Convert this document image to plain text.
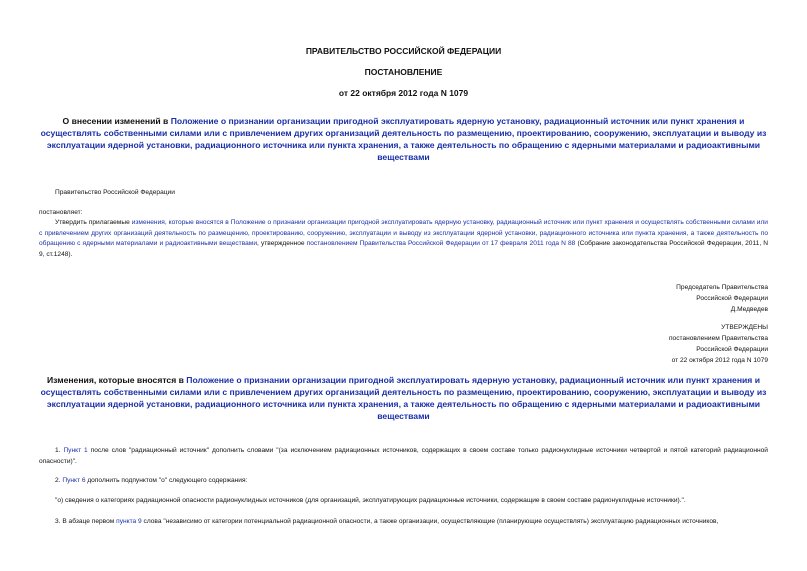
ПРАВИТЕЛЬСТВО РОССИЙСКОЙ ФЕДЕРАЦИИ
ПОСТАНОВЛЕНИЕ
от 22 октября 2012 года N 1079
О внесении изменений в Положение о признании организации пригодной эксплуатировать ядерную установку, радиационный источник или пункт хранения и осуществлять собственными силами или с привлечением других организаций деятельность по размещению, проектированию, сооружению, эксплуатации и выводу из эксплуатации ядерной установки, радиационного источника или пункта хранения, а также деятельность по обращению с ядерными материалами и радиоактивными веществами
Правительство Российской Федерации
постановляет:
Утвердить прилагаемые изменения, которые вносятся в Положение о признании организации пригодной эксплуатировать ядерную установку, радиационный источник или пункт хранения и осуществлять собственными силами или с привлечением других организаций деятельность по размещению, проектированию, сооружению, эксплуатации и выводу из эксплуатации ядерной установки, радиационного источника или пункта хранения, а также деятельность по обращению с ядерными материалами и радиоактивными веществами, утвержденное постановлением Правительства Российской Федерации от 17 февраля 2011 года N 88 (Собрание законодательства Российской Федерации, 2011, N 9, ст.1248).
Председатель Правительства
Российской Федерации
Д.Медведев
УТВЕРЖДЕНЫ
постановлением Правительства
Российской Федерации
от 22 октября 2012 года N 1079
Изменения, которые вносятся в Положение о признании организации пригодной эксплуатировать ядерную установку, радиационный источник или пункт хранения и осуществлять собственными силами или с привлечением других организаций деятельность по размещению, проектированию, сооружению, эксплуатации и выводу из эксплуатации ядерной установки, радиационного источника или пункта хранения, а также деятельность по обращению с ядерными материалами и радиоактивными веществами
1. Пункт 1 после слов "радиационный источник" дополнить словами "(за исключением радиационных источников, содержащих в своем составе только радионуклидные источники четвертой и пятой категорий радиационной опасности)".
2. Пункт 6 дополнить подпунктом "о" следующего содержания:
"о) сведения о категориях радиационной опасности радионуклидных источников (для организаций, эксплуатирующих радиационные источники, содержащие в своем составе радионуклидные источники).".
3. В абзаце первом пункта 9 слова "независимо от категории потенциальной радиационной опасности, а также организации, осуществляющие (планирующие осуществлять) эксплуатацию радиационных источников,
